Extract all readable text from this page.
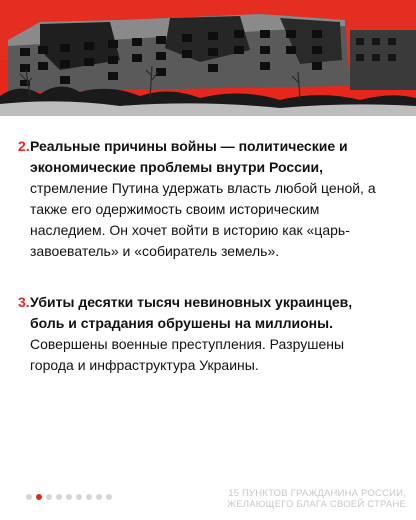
2. Реальные причины войны — политические и экономические проблемы внутри России, стремление Путина удержать власть любой ценой, а также его одержимость своим историческим наследием. Он хочет войти в историю как «царь-завоеватель» и «собиратель земель».
3. Убиты десятки тысяч невиновных украинцев, боль и страдания обрушены на миллионы. Совершены военные преступления. Разрушены города и инфраструктура Украины.
15 ПУНКТОВ ГРАЖДАНИНА РОССИИ, ЖЕЛАЮЩЕГО БЛАГА СВОЕЙ СТРАНЕ
